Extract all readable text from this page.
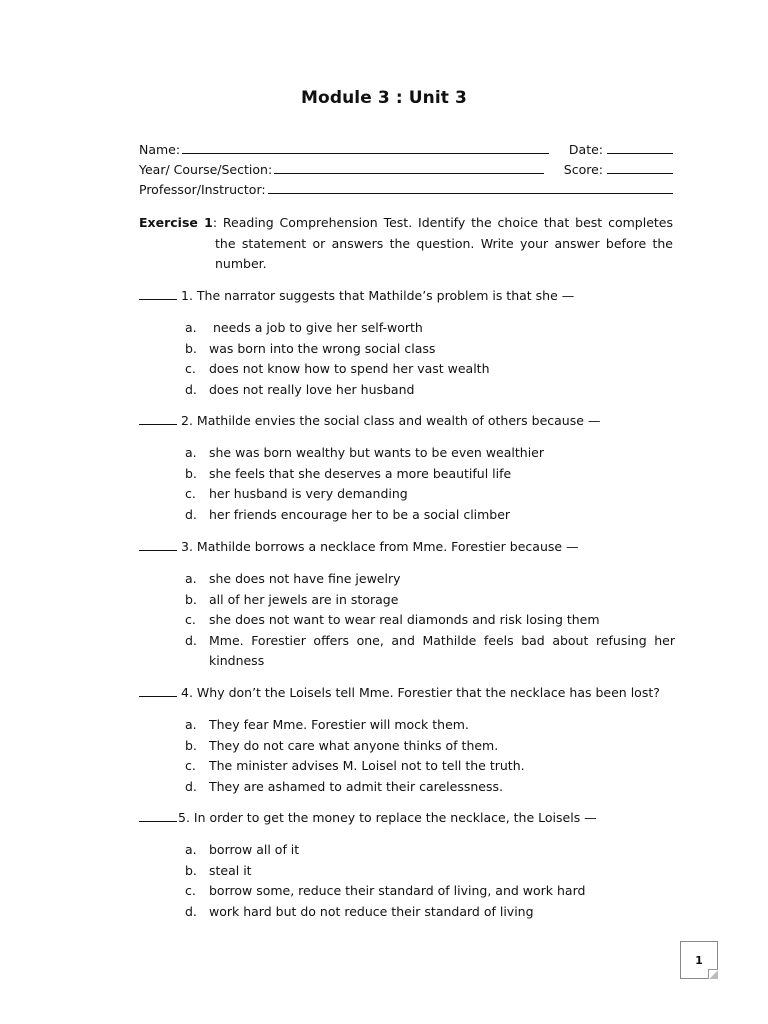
Module 3 : Unit 3
Name:	Date:
Year/ Course/Section:	Score:
Professor/Instructor:
Exercise 1: Reading Comprehension Test. Identify the choice that best completes the statement or answers the question. Write your answer before the number.
1. The narrator suggests that Mathilde’s problem is that she —
a. needs a job to give her self-worth
b. was born into the wrong social class
c.	does not know how to spend her vast wealth
d. does not really love her husband
2. Mathilde envies the social class and wealth of others because —
a. she was born wealthy but wants to be even wealthier
b. she feels that she deserves a more beautiful life
c.	her husband is very demanding
d. her friends encourage her to be a social climber
3. Mathilde borrows a necklace from Mme. Forestier because —
a. she does not have fine jewelry
b. all of her jewels are in storage
c.	she does not want to wear real diamonds and risk losing them
d. Mme. Forestier offers one, and Mathilde feels bad about refusing her kindness
4. Why don’t the Loisels tell Mme. Forestier that the necklace has been lost?
a. They fear Mme. Forestier will mock them.
b. They do not care what anyone thinks of them.
c.	The minister advises M. Loisel not to tell the truth.
d. They are ashamed to admit their carelessness.
5. In order to get the money to replace the necklace, the Loisels —
a. borrow all of it
b. steal it
c.	borrow some, reduce their standard of living, and work hard
d. work hard but do not reduce their standard of living
1
